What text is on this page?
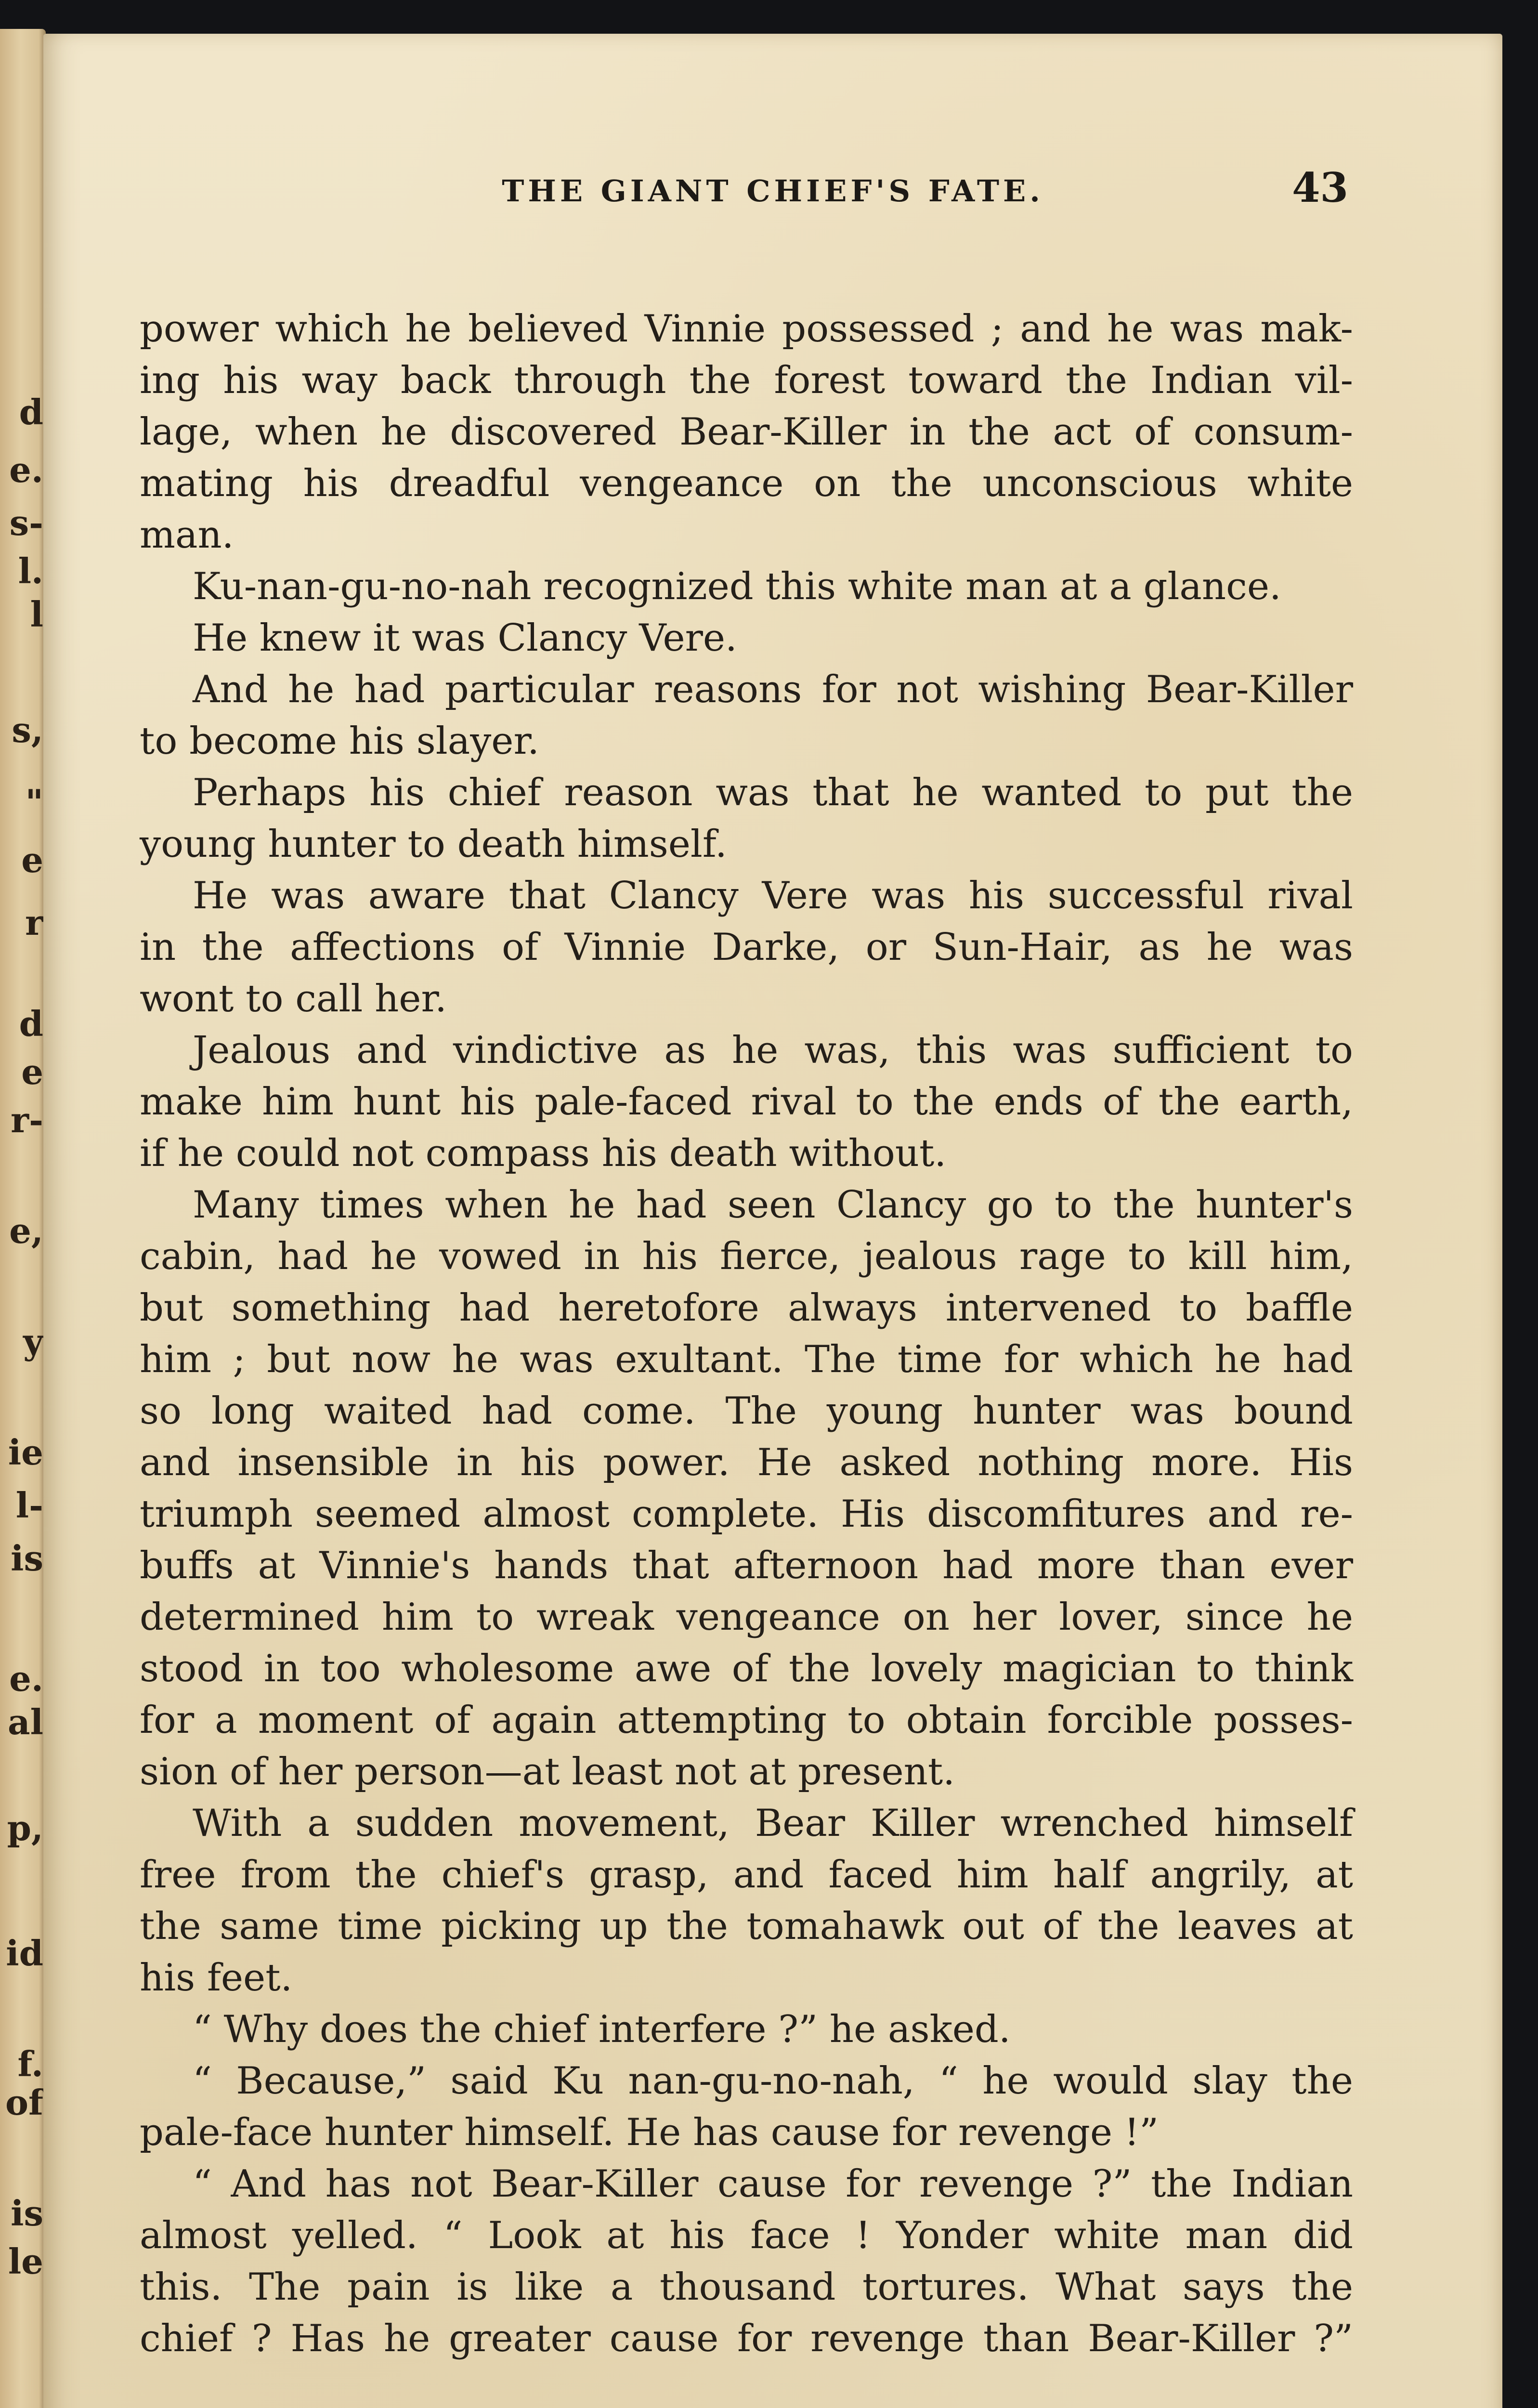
d
e.
s-
l.
l
s,
"
e
r
d
e
r-
e,
y
ie
l-
is
e.
al
p,
id
f.
of
is
le
THE GIANT CHIEF'S FATE.	43
power which he believed Vinnie possessed ; and he was mak-
ing his way back through the forest toward the Indian vil-
lage, when he discovered Bear-Killer in the act of consum-
mating his dreadful vengeance on the unconscious white
man.
Ku-nan-gu-no-nah recognized this white man at a glance.
He knew it was Clancy Vere.
And he had particular reasons for not wishing Bear-Killer
to become his slayer.
Perhaps his chief reason was that he wanted to put the
young hunter to death himself.
He was aware that Clancy Vere was his successful rival
in the affections of Vinnie Darke, or Sun-Hair, as he was
wont to call her.
Jealous and vindictive as he was, this was sufficient to
make him hunt his pale-faced rival to the ends of the earth,
if he could not compass his death without.
Many times when he had seen Clancy go to the hunter's
cabin, had he vowed in his fierce, jealous rage to kill him,
but something had heretofore always intervened to baffle
him ; but now he was exultant. The time for which he had
so long waited had come. The young hunter was bound
and insensible in his power. He asked nothing more. His
triumph seemed almost complete. His discomfitures and re-
buffs at Vinnie's hands that afternoon had more than ever
determined him to wreak vengeance on her lover, since he
stood in too wholesome awe of the lovely magician to think
for a moment of again attempting to obtain forcible posses-
sion of her person—at least not at present.
With a sudden movement, Bear Killer wrenched himself
free from the chief's grasp, and faced him half angrily, at
the same time picking up the tomahawk out of the leaves at
his feet.
“ Why does the chief interfere ?” he asked.
“ Because,” said Ku nan-gu-no-nah, “ he would slay the
pale-face hunter himself. He has cause for revenge !”
“ And has not Bear-Killer cause for revenge ?” the Indian
almost yelled. “ Look at his face ! Yonder white man did
this. The pain is like a thousand tortures. What says the
chief ? Has he greater cause for revenge than Bear-Killer ?”
